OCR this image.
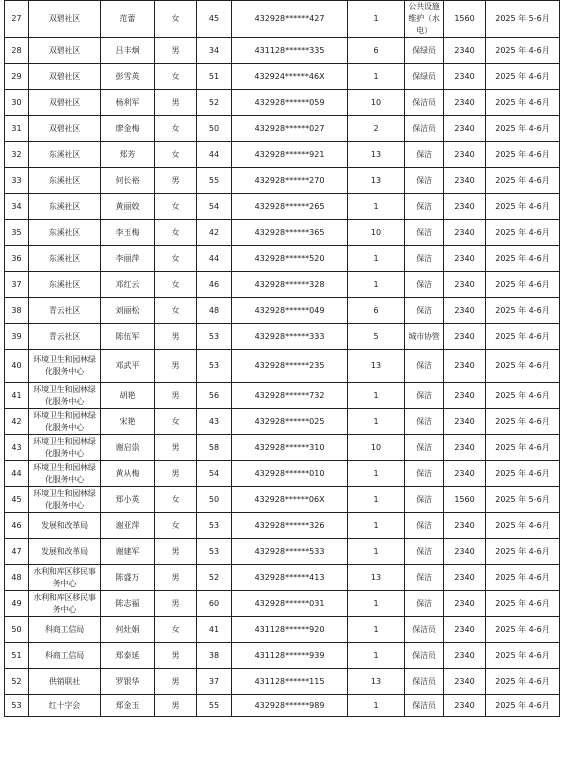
27	双碧社区	范蕾	女	45	432928******427	1	公共设施维护（水电）	1560	2025 年 5-6月
28	双碧社区	吕丰炯	男	34	431128******335	6	保绿员	2340	2025 年 4-6月
29	双碧社区	彭雪英	女	51	432924******46X	1	保绿员	2340	2025 年 4-6月
30	双碧社区	杨利军	男	52	432928******059	10	保洁员	2340	2025 年 4-6月
31	双碧社区	廖金梅	女	50	432928******027	2	保洁员	2340	2025 年 4-6月
32	东溪社区	郑芳	女	44	432928******921	13	保洁	2340	2025 年 4-6月
33	东溪社区	何长裕	男	55	432928******270	13	保洁	2340	2025 年 4-6月
34	东溪社区	黄丽姣	女	54	432928******265	1	保洁	2340	2025 年 4-6月
35	东溪社区	李玉梅	女	42	432928******365	10	保洁	2340	2025 年 4-6月
36	东溪社区	李丽萍	女	44	432928******520	1	保洁	2340	2025 年 4-6月
37	东溪社区	邓红云	女	46	432928******328	1	保洁	2340	2025 年 4-6月
38	青云社区	刘丽松	女	48	432928******049	6	保洁	2340	2025 年 4-6月
39	青云社区	陈伍军	男	53	432928******333	5	城市协管	2340	2025 年 4-6月
40	环境卫生和园林绿化服务中心	邓武平	男	53	432928******235	13	保洁	2340	2025 年 4-6月
41	环境卫生和园林绿化服务中心	胡艳	男	56	432928******732	1	保洁	2340	2025 年 4-6月
42	环境卫生和园林绿化服务中心	宋艳	女	43	432928******025	1	保洁	2340	2025 年 4-6月
43	环境卫生和园林绿化服务中心	谢启祟	男	58	432928******310	10	保洁	2340	2025 年 4-6月
44	环境卫生和园林绿化服务中心	黄从梅	男	54	432928******010	1	保洁	2340	2025 年 4-6月
45	环境卫生和园林绿化服务中心	郑小英	女	50	432928******06X	1	保洁	1560	2025 年 5-6月
46	发展和改革局	谢亚萍	女	53	432928******326	1	保洁	2340	2025 年 4-6月
47	发展和改革局	谢建军	男	53	432928******533	1	保洁	2340	2025 年 4-6月
48	水利和库区移民事务中心	陈盛万	男	52	432928******413	13	保洁	2340	2025 年 4-6月
49	水利和库区移民事务中心	陈志福	男	60	432928******031	1	保洁	2340	2025 年 4-6月
50	科商工信局	何灶娟	女	41	431128******920	1	保洁员	2340	2025 年 4-6月
51	科商工信局	郑泰延	男	38	431128******939	1	保洁员	2340	2025 年 4-6月
52	供销联社	罗银华	男	37	431128******115	13	保洁员	2340	2025 年 4-6月
53	红十字会	郑金玉	男	55	432928******989	1	保洁员	2340	2025 年 4-6月
